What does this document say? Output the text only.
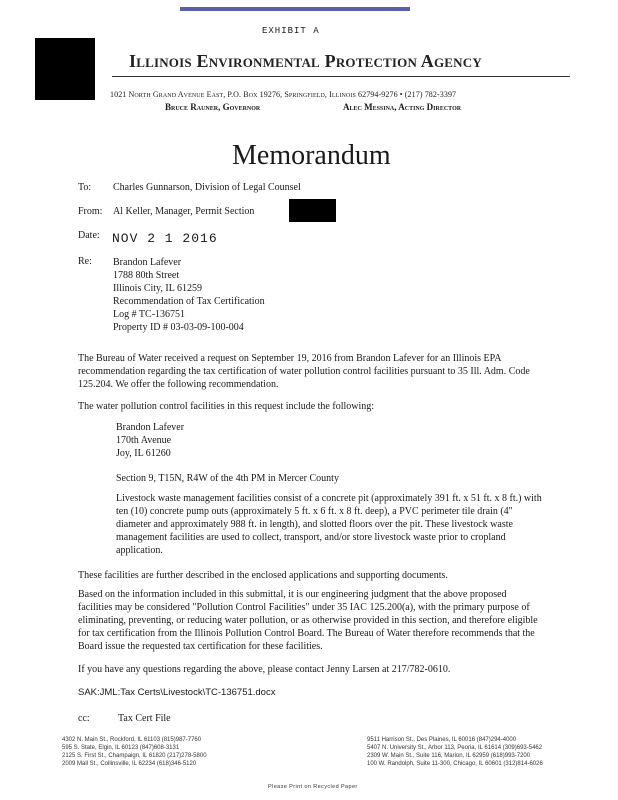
EXHIBIT A
Illinois Environmental Protection Agency
1021 North Grand Avenue East, P.O. Box 19276, Springfield, Illinois 62794-9276 • (217) 782-3397
Bruce Rauner, Governor	Alec Messina, Acting Director
Memorandum
To: Charles Gunnarson, Division of Legal Counsel
From: Al Keller, Manager, Permit Section
Date: NOV 2 1 2016
Re: Brandon Lafever
1788 80th Street
Illinois City, IL 61259
Recommendation of Tax Certification
Log # TC-136751
Property ID # 03-03-09-100-004
The Bureau of Water received a request on September 19, 2016 from Brandon Lafever for an Illinois EPA recommendation regarding the tax certification of water pollution control facilities pursuant to 35 Ill. Adm. Code 125.204. We offer the following recommendation.
The water pollution control facilities in this request include the following:
Brandon Lafever
170th Avenue
Joy, IL 61260
Section 9, T15N, R4W of the 4th PM in Mercer County
Livestock waste management facilities consist of a concrete pit (approximately 391 ft. x 51 ft. x 8 ft.) with ten (10) concrete pump outs (approximately 5 ft. x 6 ft. x 8 ft. deep), a PVC perimeter tile drain (4" diameter and approximately 988 ft. in length), and slotted floors over the pit. These livestock waste management facilities are used to collect, transport, and/or store livestock waste prior to cropland application.
These facilities are further described in the enclosed applications and supporting documents.
Based on the information included in this submittal, it is our engineering judgment that the above proposed facilities may be considered "Pollution Control Facilities" under 35 IAC 125.200(a), with the primary purpose of eliminating, preventing, or reducing water pollution, or as otherwise provided in this section, and therefore eligible for tax certification from the Illinois Pollution Control Board. The Bureau of Water therefore recommends that the Board issue the requested tax certification for these facilities.
If you have any questions regarding the above, please contact Jenny Larsen at 217/782-0610.
SAK:JML:Tax Certs\Livestock\TC-136751.docx
cc:	Tax Cert File
4302 N. Main St., Rockford, IL 61103 (815)987-7760
595 S. State, Elgin, IL 60123 (847)608-3131
2125 S. First St., Champaign, IL 61820 (217)278-5800
2009 Mall St., Collinsville, IL 62234 (618)346-5120
9511 Harrison St., Des Plaines, IL 60016 (847)294-4000
5407 N. University St., Arbor 113, Peoria, IL 61614 (309)693-5462
2309 W. Main St., Suite 116, Marion, IL 62959 (618)993-7200
100 W. Randolph, Suite 11-300, Chicago, IL 60601 (312)814-6026
Please Print on Recycled Paper
